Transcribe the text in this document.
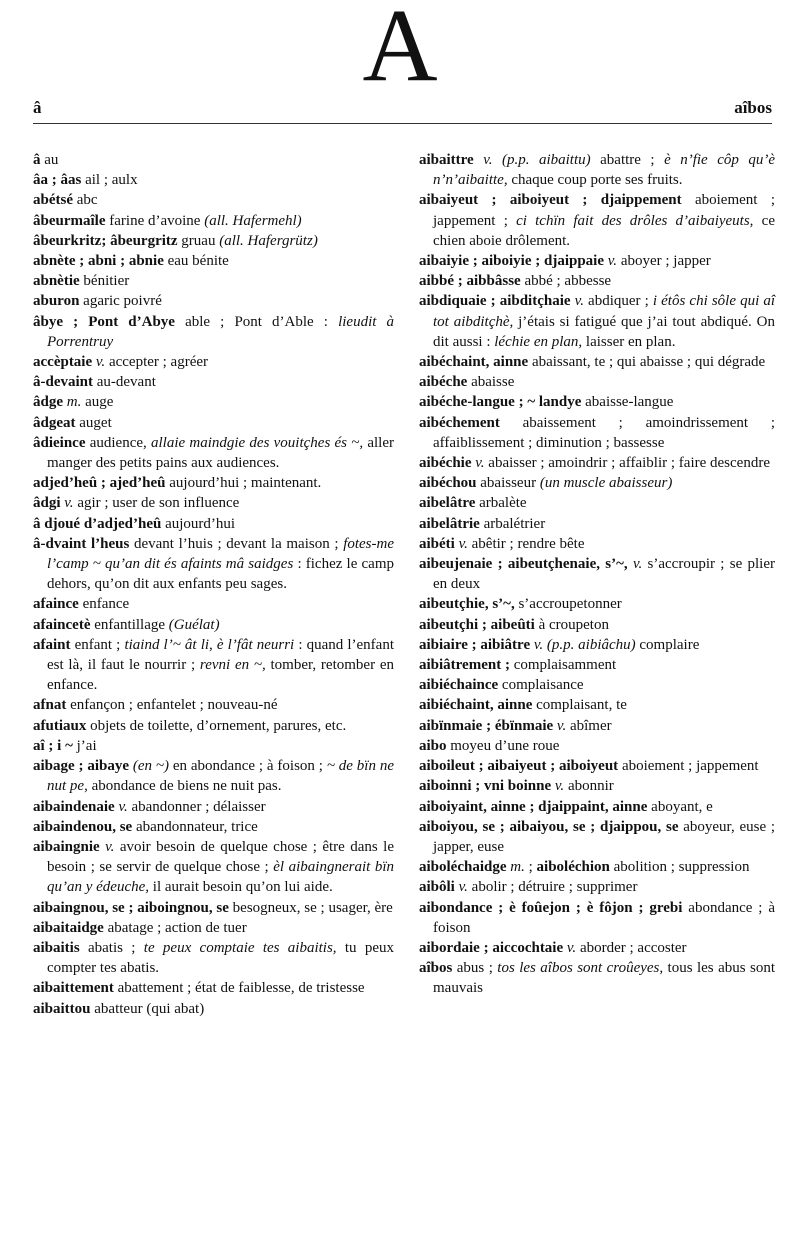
A
â	aîbos
â au
âa ; âas ail ; aulx
abétsé abc
âbeurmaîle farine d’avoine (all. Hafermehl)
âbeurkritz; âbeurgritz gruau (all. Hafergrütz)
abnète ; abni ; abnie eau bénite
abnètie bénitier
aburon agaric poivré
âbye ; Pont d’Abye able ; Pont d’Able : lieudit à Porrentruy
accèptaie v. accepter ; agréer
â-devaint au-devant
âdge m. auge
âdgeat auget
âdieince audience, allaie maindgie des vouitçhes és ~, aller manger des petits pains aux audiences.
adjed’heû ; ajed’heû aujourd’hui ; maintenant.
âdgi v. agir ; user de son influence
â djoué d’adjed’heû aujourd’hui
â-dvaint l’heus devant l’huis ; devant la maison ; fotes-me l’camp ~ qu’an dit és afaints mâ saidges : fichez le camp dehors, qu’on dit aux enfants peu sages.
afaince enfance
afaincetè enfantillage (Guélat)
afaint enfant ; tiaind l’~ ât li, è l’fât neurri : quand l’enfant est là, il faut le nourrir ; revni en ~, tomber, retomber en enfance.
afnat enfançon ; enfantelet ; nouveau-né
afutiaux objets de toilette, d’ornement, parures, etc.
aî ; i ~ j’ai
aibage ; aibaye (en ~) en abondance ; à foison ; ~ de bïn ne nut pe, abondance de biens ne nuit pas.
aibaindenaie v. abandonner ; délaisser
aibaindenou, se abandonnateur, trice
aibaingnie v. avoir besoin de quelque chose ; être dans le besoin ; se servir de quelque chose ; èl aibaingnerait bïn qu’an y édeuche, il aurait besoin qu’on lui aide.
aibaingnou, se ; aiboingnou, se besogneux, se ; usager, ère
aibaitaidge abatage ; action de tuer
aibaitis abatis ; te peux comptaie tes aibaitis, tu peux compter tes abatis.
aibaittement abattement ; état de faiblesse, de tristesse
aibaittou abatteur (qui abat)
aibaittre v. (p.p. aibaittu) abattre ; è n’fie côp qu’è n’n’aibaitte, chaque coup porte ses fruits.
aibaiyeut ; aiboiyeut ; djaippement aboiement ; jappement ; ci tchïn fait des drôles d’aibaiyeuts, ce chien aboie drôlement.
aibaiyie ; aiboiyie ; djaippaie v. aboyer ; japper
aibbé ; aibbâsse abbé ; abbesse
aibdiquaie ; aibditçhaie v. abdiquer ; i étôs chi sôle qui aî tot aibditçhè, j’étais si fatigué que j’ai tout abdiqué. On dit aussi : léchie en plan, laisser en plan.
aibéchaint, ainne abaissant, te ; qui abaisse ; qui dégrade
aibéche abaisse
aibéche-langue ; ~ landye abaisse-langue
aibéchement abaissement ; amoindrissement ; affaiblissement ; diminution ; bassesse
aibéchie v. abaisser ; amoindrir ; affaiblir ; faire descendre
aibéchou abaisseur (un muscle abaisseur)
aibelâtre arbalète
aibelâtrie arbalétrier
aibéti v. abêtir ; rendre bête
aibeujenaie ; aibeutçhenaie, s’~, v. s’accroupir ; se plier en deux
aibeutçhie, s’~, s’accroupetonner
aibeutçhi ; aibeûti à croupeton
aibiaire ; aibiâtre v. (p.p. aibiâchu) complaire
aibiâtrement ; complaisamment
aibiéchaince complaisance
aibiéchaint, ainne complaisant, te
aibïnmaie ; ébïnmaie v. abîmer
aibo moyeu d’une roue
aiboileut ; aibaiyeut ; aiboiyeut aboiement ; jappement
aiboinni ; vni boinne v. abonnir
aiboiyaint, ainne ; djaippaint, ainne aboyant, e
aiboiyou, se ; aibaiyou, se ; djaippou, se aboyeur, euse ; japper, euse
aiboléchaidge m. ; aiboléchion abolition ; suppression
aibôli v. abolir ; détruire ; supprimer
aibondance ; è foûejon ; è fôjon ; grebi abondance ; à foison
aibordaie ; aiccochtaie v. aborder ; accoster
aîbos abus ; tos les aîbos sont croûeyes, tous les abus sont mauvais
